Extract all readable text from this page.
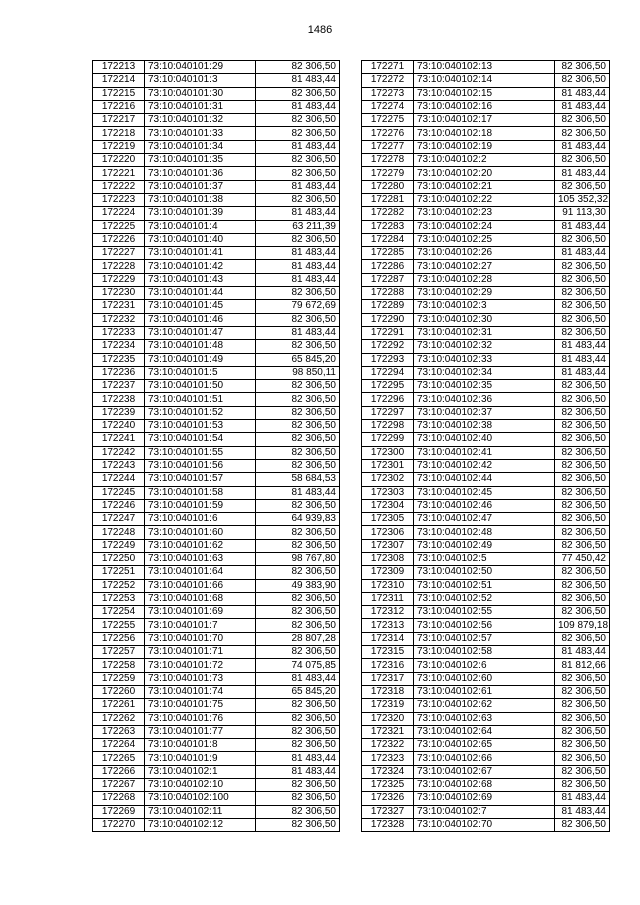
1486
172213	73:10:040101:29	82 306,50
172214	73:10:040101:3	81 483,44
172215	73:10:040101:30	82 306,50
172216	73:10:040101:31	81 483,44
172217	73:10:040101:32	82 306,50
172218	73:10:040101:33	82 306,50
172219	73:10:040101:34	81 483,44
172220	73:10:040101:35	82 306,50
172221	73:10:040101:36	82 306,50
172222	73:10:040101:37	81 483,44
172223	73:10:040101:38	82 306,50
172224	73:10:040101:39	81 483,44
172225	73:10:040101:4	63 211,39
172226	73:10:040101:40	82 306,50
172227	73:10:040101:41	81 483,44
172228	73:10:040101:42	81 483,44
172229	73:10:040101:43	81 483,44
172230	73:10:040101:44	82 306,50
172231	73:10:040101:45	79 672,69
172232	73:10:040101:46	82 306,50
172233	73:10:040101:47	81 483,44
172234	73:10:040101:48	82 306,50
172235	73:10:040101:49	65 845,20
172236	73:10:040101:5	98 850,11
172237	73:10:040101:50	82 306,50
172238	73:10:040101:51	82 306,50
172239	73:10:040101:52	82 306,50
172240	73:10:040101:53	82 306,50
172241	73:10:040101:54	82 306,50
172242	73:10:040101:55	82 306,50
172243	73:10:040101:56	82 306,50
172244	73:10:040101:57	58 684,53
172245	73:10:040101:58	81 483,44
172246	73:10:040101:59	82 306,50
172247	73:10:040101:6	64 939,83
172248	73:10:040101:60	82 306,50
172249	73:10:040101:62	82 306,50
172250	73:10:040101:63	98 767,80
172251	73:10:040101:64	82 306,50
172252	73:10:040101:66	49 383,90
172253	73:10:040101:68	82 306,50
172254	73:10:040101:69	82 306,50
172255	73:10:040101:7	82 306,50
172256	73:10:040101:70	28 807,28
172257	73:10:040101:71	82 306,50
172258	73:10:040101:72	74 075,85
172259	73:10:040101:73	81 483,44
172260	73:10:040101:74	65 845,20
172261	73:10:040101:75	82 306,50
172262	73:10:040101:76	82 306,50
172263	73:10:040101:77	82 306,50
172264	73:10:040101:8	82 306,50
172265	73:10:040101:9	81 483,44
172266	73:10:040102:1	81 483,44
172267	73:10:040102:10	82 306,50
172268	73:10:040102:100	82 306,50
172269	73:10:040102:11	82 306,50
172270	73:10:040102:12	82 306,50
172271	73:10:040102:13	82 306,50
172272	73:10:040102:14	82 306,50
172273	73:10:040102:15	81 483,44
172274	73:10:040102:16	81 483,44
172275	73:10:040102:17	82 306,50
172276	73:10:040102:18	82 306,50
172277	73:10:040102:19	81 483,44
172278	73:10:040102:2	82 306,50
172279	73:10:040102:20	81 483,44
172280	73:10:040102:21	82 306,50
172281	73:10:040102:22	105 352,32
172282	73:10:040102:23	91 113,30
172283	73:10:040102:24	81 483,44
172284	73:10:040102:25	82 306,50
172285	73:10:040102:26	81 483,44
172286	73:10:040102:27	82 306,50
172287	73:10:040102:28	82 306,50
172288	73:10:040102:29	82 306,50
172289	73:10:040102:3	82 306,50
172290	73:10:040102:30	82 306,50
172291	73:10:040102:31	82 306,50
172292	73:10:040102:32	81 483,44
172293	73:10:040102:33	81 483,44
172294	73:10:040102:34	81 483,44
172295	73:10:040102:35	82 306,50
172296	73:10:040102:36	82 306,50
172297	73:10:040102:37	82 306,50
172298	73:10:040102:38	82 306,50
172299	73:10:040102:40	82 306,50
172300	73:10:040102:41	82 306,50
172301	73:10:040102:42	82 306,50
172302	73:10:040102:44	82 306,50
172303	73:10:040102:45	82 306,50
172304	73:10:040102:46	82 306,50
172305	73:10:040102:47	82 306,50
172306	73:10:040102:48	82 306,50
172307	73:10:040102:49	82 306,50
172308	73:10:040102:5	77 450,42
172309	73:10:040102:50	82 306,50
172310	73:10:040102:51	82 306,50
172311	73:10:040102:52	82 306,50
172312	73:10:040102:55	82 306,50
172313	73:10:040102:56	109 879,18
172314	73:10:040102:57	82 306,50
172315	73:10:040102:58	81 483,44
172316	73:10:040102:6	81 812,66
172317	73:10:040102:60	82 306,50
172318	73:10:040102:61	82 306,50
172319	73:10:040102:62	82 306,50
172320	73:10:040102:63	82 306,50
172321	73:10:040102:64	82 306,50
172322	73:10:040102:65	82 306,50
172323	73:10:040102:66	82 306,50
172324	73:10:040102:67	82 306,50
172325	73:10:040102:68	82 306,50
172326	73:10:040102:69	81 483,44
172327	73:10:040102:7	81 483,44
172328	73:10:040102:70	82 306,50
